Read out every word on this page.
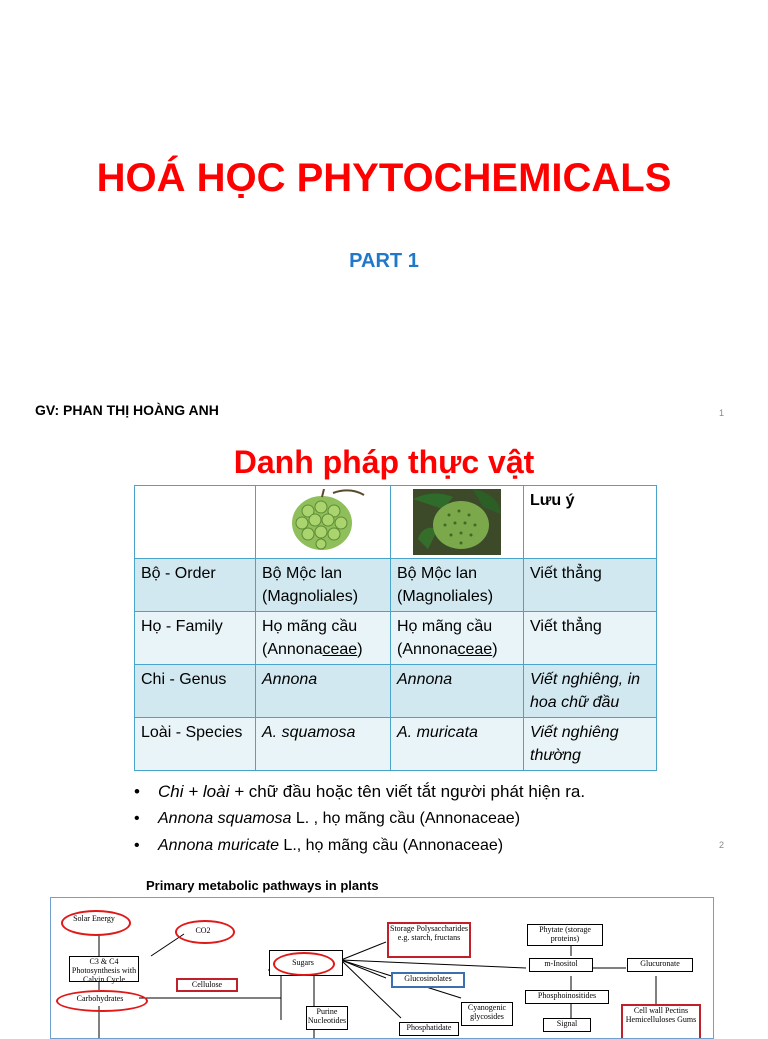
HOÁ HỌC PHYTOCHEMICALS
PART 1
GV: PHAN THỊ HOÀNG ANH	1
Danh pháp thực vật

	Lưu ý
Bộ - Order	Bộ Mộc lan (Magnoliales)	Bộ Mộc lan (Magnoliales)	Viết thẳng
Họ - Family	Họ mãng cầu (Annonaceae)	Họ mãng cầu (Annonaceae)	Viết thẳng
Chi - Genus	Annona	Annona	Viết nghiêng, in hoa chữ đầu
Loài - Species	A. squamosa	A. muricata	Viết nghiêng thường
• Chi + loài + chữ đầu hoặc tên viết tắt người phát hiện ra.
• Annona squamosa L. , họ mãng cầu (Annonaceae)
• Annona muricate L., họ mãng cầu (Annonaceae)	2
Primary metabolic pathways in plants
Solar Energy
CO2
C3 & C4 Photosynthesis with Calvin Cycle
Cellulose
Carbohydrates
Sugars
Storage Polysaccharides e.g. starch, fructans
Glucosinolates
Purine Nucleotides
Cyanogenic glycosides
Phosphatidate
Phytate (storage proteins)
m-Inositol	Glucuronate
Phosphoinositides
Signal
Cell wall Pectins Hemicelluloses Gums
